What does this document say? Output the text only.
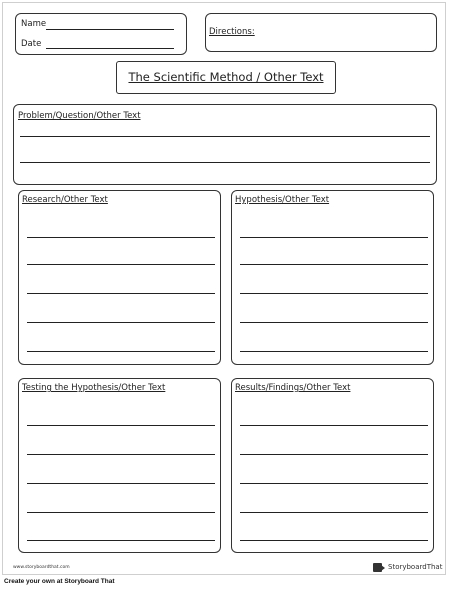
Name
Date
Directions:
The Scientific Method / Other Text
Problem/Question/Other Text
Research/Other Text	Hypothesis/Other Text
Testing the Hypothesis/Other Text	Results/Findings/Other Text
www.storyboardthat.com	StoryboardThat
Create your own at Storyboard That
